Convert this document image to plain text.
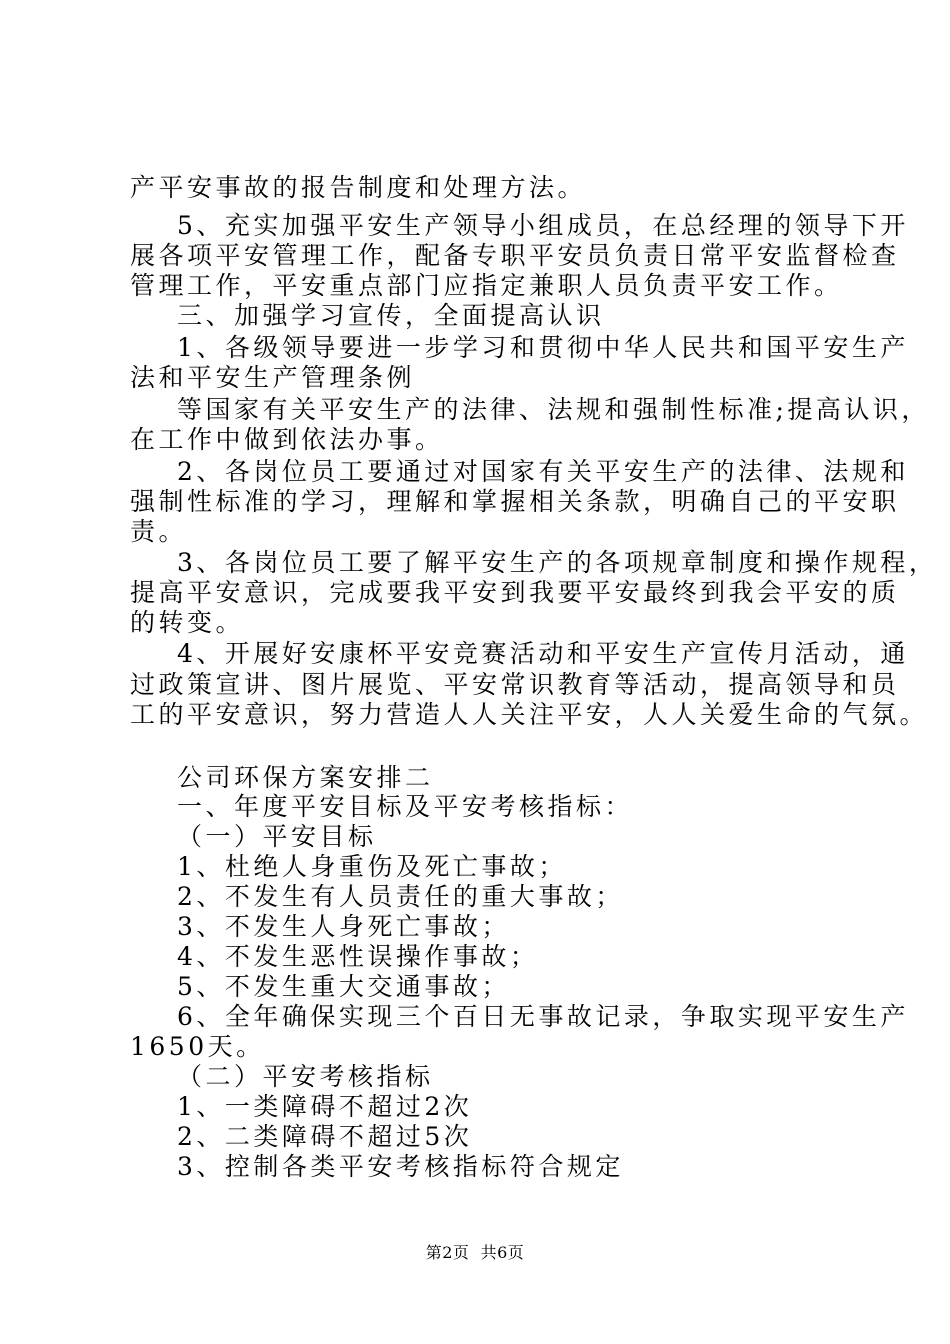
产平安事故的报告制度和处理方法。

5、充实加强平安生产领导小组成员，在总经理的领导下开

展各项平安管理工作，配备专职平安员负责日常平安监督检查

管理工作，平安重点部门应指定兼职人员负责平安工作。

三、加强学习宣传，全面提高认识

1、各级领导要进一步学习和贯彻中华人民共和国平安生产

法和平安生产管理条例

等国家有关平安生产的法律、法规和强制性标准;提高认识，

在工作中做到依法办事。

2、各岗位员工要通过对国家有关平安生产的法律、法规和

强制性标准的学习，理解和掌握相关条款，明确自己的平安职

责。

3、各岗位员工要了解平安生产的各项规章制度和操作规程，

提高平安意识，完成要我平安到我要平安最终到我会平安的质

的转变。

4、开展好安康杯平安竞赛活动和平安生产宣传月活动，通

过政策宣讲、图片展览、平安常识教育等活动，提高领导和员

工的平安意识，努力营造人人关注平安，人人关爱生命的气氛。

公司环保方案安排二

一、年度平安目标及平安考核指标：

（一）平安目标

1、杜绝人身重伤及死亡事故；

2、不发生有人员责任的重大事故；

3、不发生人身死亡事故；

4、不发生恶性误操作事故；

5、不发生重大交通事故；

6、全年确保实现三个百日无事故记录，争取实现平安生产

1650天。

（二）平安考核指标

1、一类障碍不超过2次

2、二类障碍不超过5次

3、控制各类平安考核指标符合规定

第2页  共6页
